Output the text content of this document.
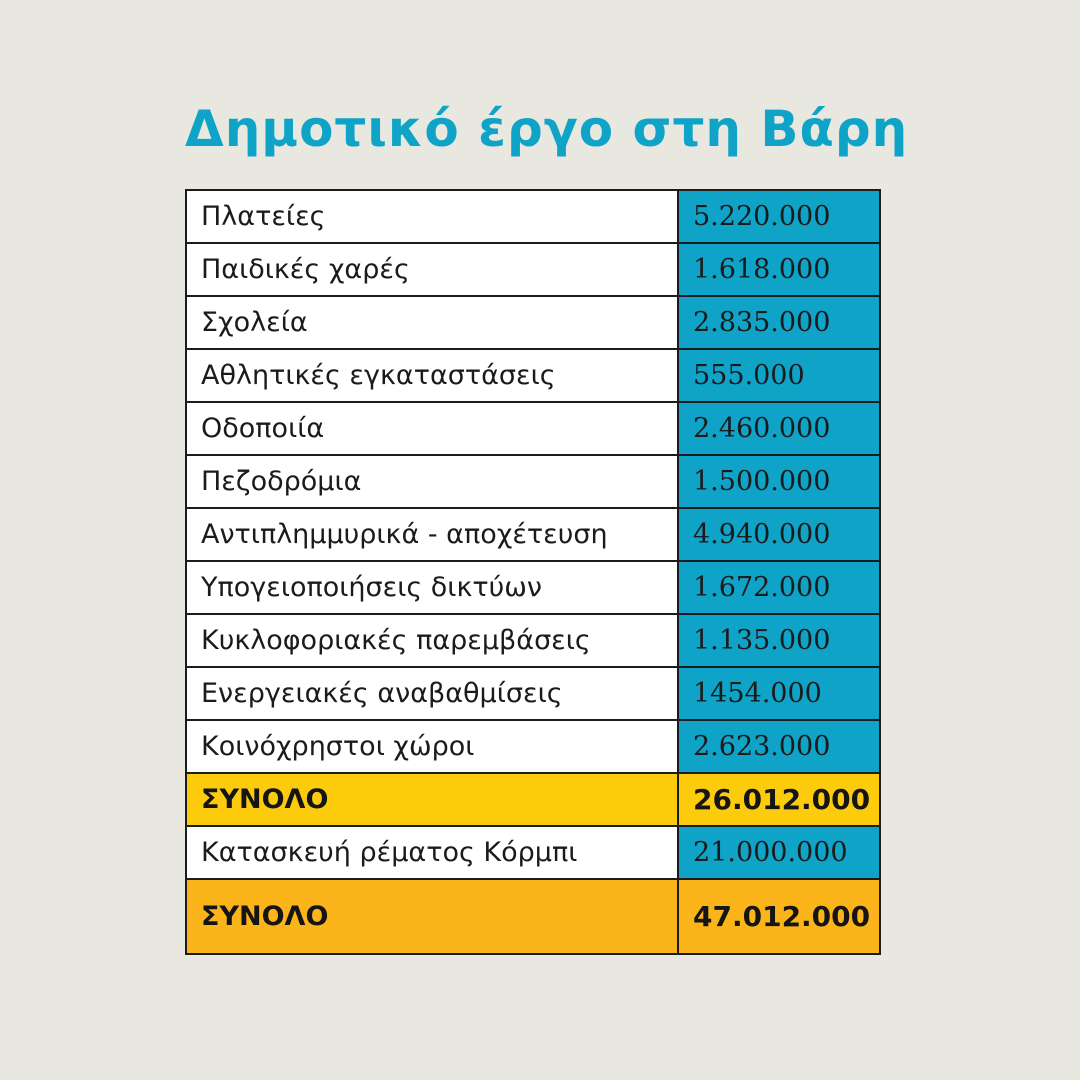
Δημοτικό έργο στη Βάρη
Πλατείες	5.220.000
Παιδικές χαρές	1.618.000
Σχολεία	2.835.000
Αθλητικές εγκαταστάσεις	555.000
Οδοποιία	2.460.000
Πεζοδρόμια	1.500.000
Αντιπλημμυρικά - αποχέτευση	4.940.000
Υπογειοποιήσεις δικτύων	1.672.000
Κυκλοφοριακές παρεμβάσεις	1.135.000
Ενεργειακές αναβαθμίσεις	1454.000
Κοινόχρηστοι χώροι	2.623.000
ΣΥΝΟΛΟ	26.012.000
Κατασκευή ρέματος Κόρμπι	21.000.000
ΣΥΝΟΛΟ	47.012.000
